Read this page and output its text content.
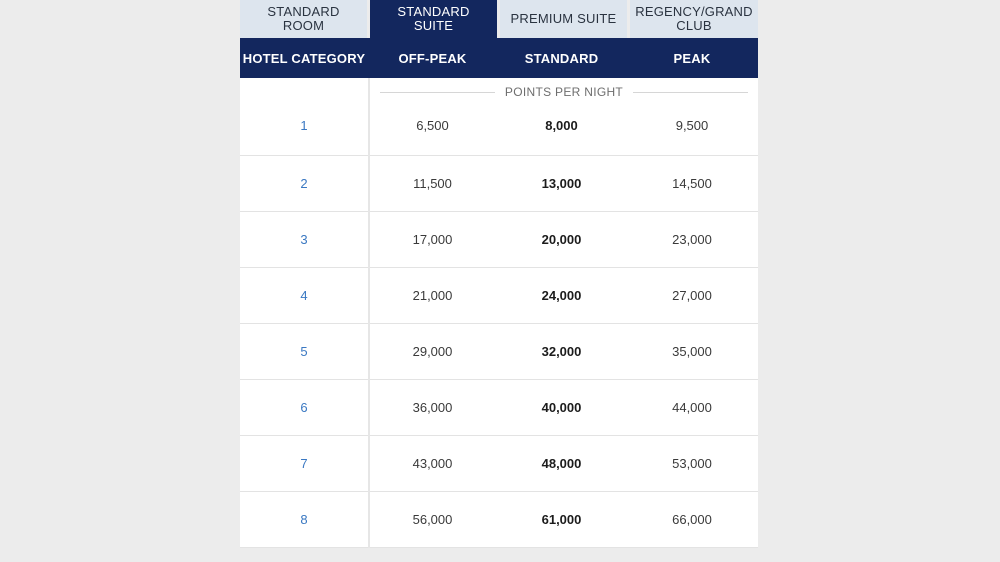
STANDARD ROOM
STANDARD SUITE	PREMIUM SUITE	REGENCY/GRAND CLUB
HOTEL CATEGORY	OFF-PEAK	STANDARD	PEAK
POINTS PER NIGHT
1	6,500	8,000	9,500
2	11,500	13,000	14,500
3	17,000	20,000	23,000
4	21,000	24,000	27,000
5	29,000	32,000	35,000
6	36,000	40,000	44,000
7	43,000	48,000	53,000
8	56,000	61,000	66,000
